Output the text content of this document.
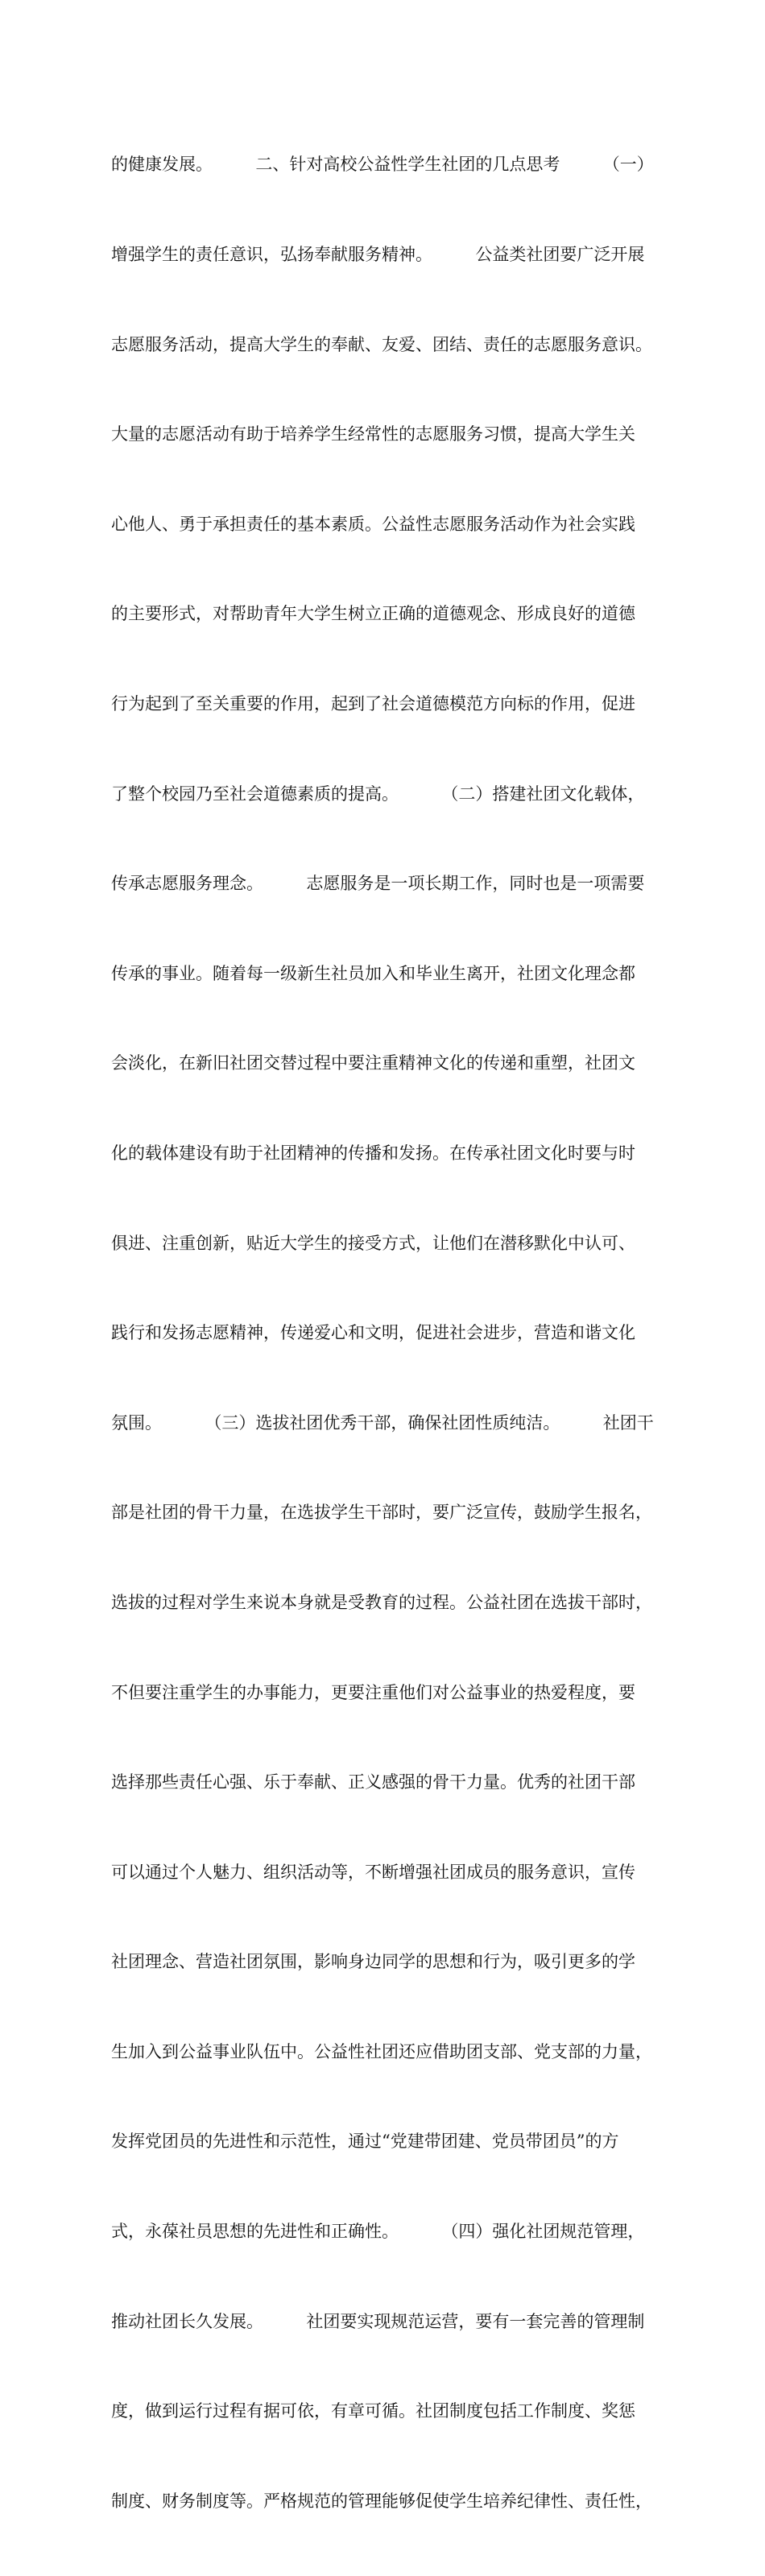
的健康发展。        二、针对高校公益性学生社团的几点思考        （一）

增强学生的责任意识，弘扬奉献服务精神。        公益类社团要广泛开展

志愿服务活动，提高大学生的奉献、友爱、团结、责任的志愿服务意识。

大量的志愿活动有助于培养学生经常性的志愿服务习惯，提高大学生关

心他人、勇于承担责任的基本素质。公益性志愿服务活动作为社会实践

的主要形式，对帮助青年大学生树立正确的道德观念、形成良好的道德

行为起到了至关重要的作用，起到了社会道德模范方向标的作用，促进

了整个校园乃至社会道德素质的提高。        （二）搭建社团文化载体，

传承志愿服务理念。        志愿服务是一项长期工作，同时也是一项需要

传承的事业。随着每一级新生社员加入和毕业生离开，社团文化理念都

会淡化，在新旧社团交替过程中要注重精神文化的传递和重塑，社团文

化的载体建设有助于社团精神的传播和发扬。在传承社团文化时要与时

俱进、注重创新，贴近大学生的接受方式，让他们在潜移默化中认可、

践行和发扬志愿精神，传递爱心和文明，促进社会进步，营造和谐文化

氛围。        （三）选拔社团优秀干部，确保社团性质纯洁。        社团干

部是社团的骨干力量，在选拔学生干部时，要广泛宣传，鼓励学生报名，

选拔的过程对学生来说本身就是受教育的过程。公益社团在选拔干部时，

不但要注重学生的办事能力，更要注重他们对公益事业的热爱程度，要

选择那些责任心强、乐于奉献、正义感强的骨干力量。优秀的社团干部

可以通过个人魅力、组织活动等，不断增强社团成员的服务意识，宣传

社团理念、营造社团氛围，影响身边同学的思想和行为，吸引更多的学

生加入到公益事业队伍中。公益性社团还应借助团支部、党支部的力量，

发挥党团员的先进性和示范性，通过“党建带团建、党员带团员”的方

式，永葆社员思想的先进性和正确性。        （四）强化社团规范管理，

推动社团长久发展。        社团要实现规范运营，要有一套完善的管理制

度，做到运行过程有据可依，有章可循。社团制度包括工作制度、奖惩

制度、财务制度等。严格规范的管理能够促使学生培养纪律性、责任性，
